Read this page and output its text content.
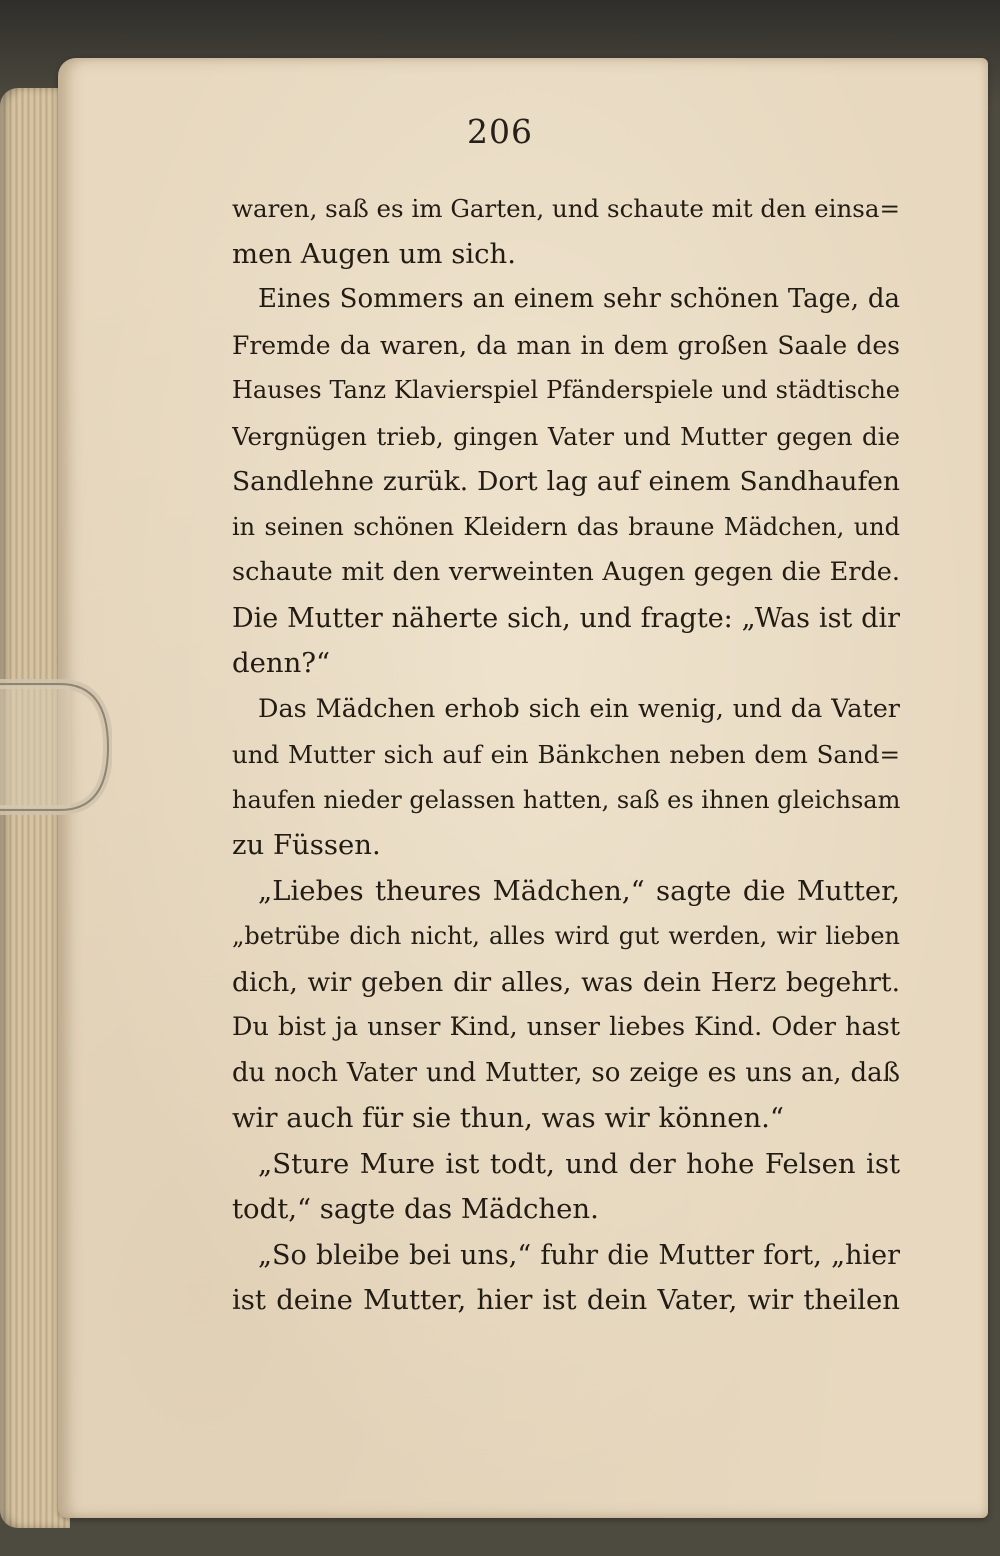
206
waren, saß es im Garten, und schaute mit den einsa=
men Augen um sich.
Eines Sommers an einem sehr schönen Tage, da
Fremde da waren, da man in dem großen Saale des
Hauses Tanz Klavierspiel Pfänderspiele und städtische
Vergnügen trieb, gingen Vater und Mutter gegen die
Sandlehne zurük. Dort lag auf einem Sandhaufen
in seinen schönen Kleidern das braune Mädchen, und
schaute mit den verweinten Augen gegen die Erde.
Die Mutter näherte sich, und fragte: „Was ist dir
denn?“
Das Mädchen erhob sich ein wenig, und da Vater
und Mutter sich auf ein Bänkchen neben dem Sand=
haufen nieder gelassen hatten, saß es ihnen gleichsam
zu Füssen.
„Liebes theures Mädchen,“ sagte die Mutter,
„betrübe dich nicht, alles wird gut werden, wir lieben
dich, wir geben dir alles, was dein Herz begehrt.
Du bist ja unser Kind, unser liebes Kind. Oder hast
du noch Vater und Mutter, so zeige es uns an, daß
wir auch für sie thun, was wir können.“
„Sture Mure ist todt, und der hohe Felsen ist
todt,“ sagte das Mädchen.
„So bleibe bei uns,“ fuhr die Mutter fort, „hier
ist deine Mutter, hier ist dein Vater, wir theilen
